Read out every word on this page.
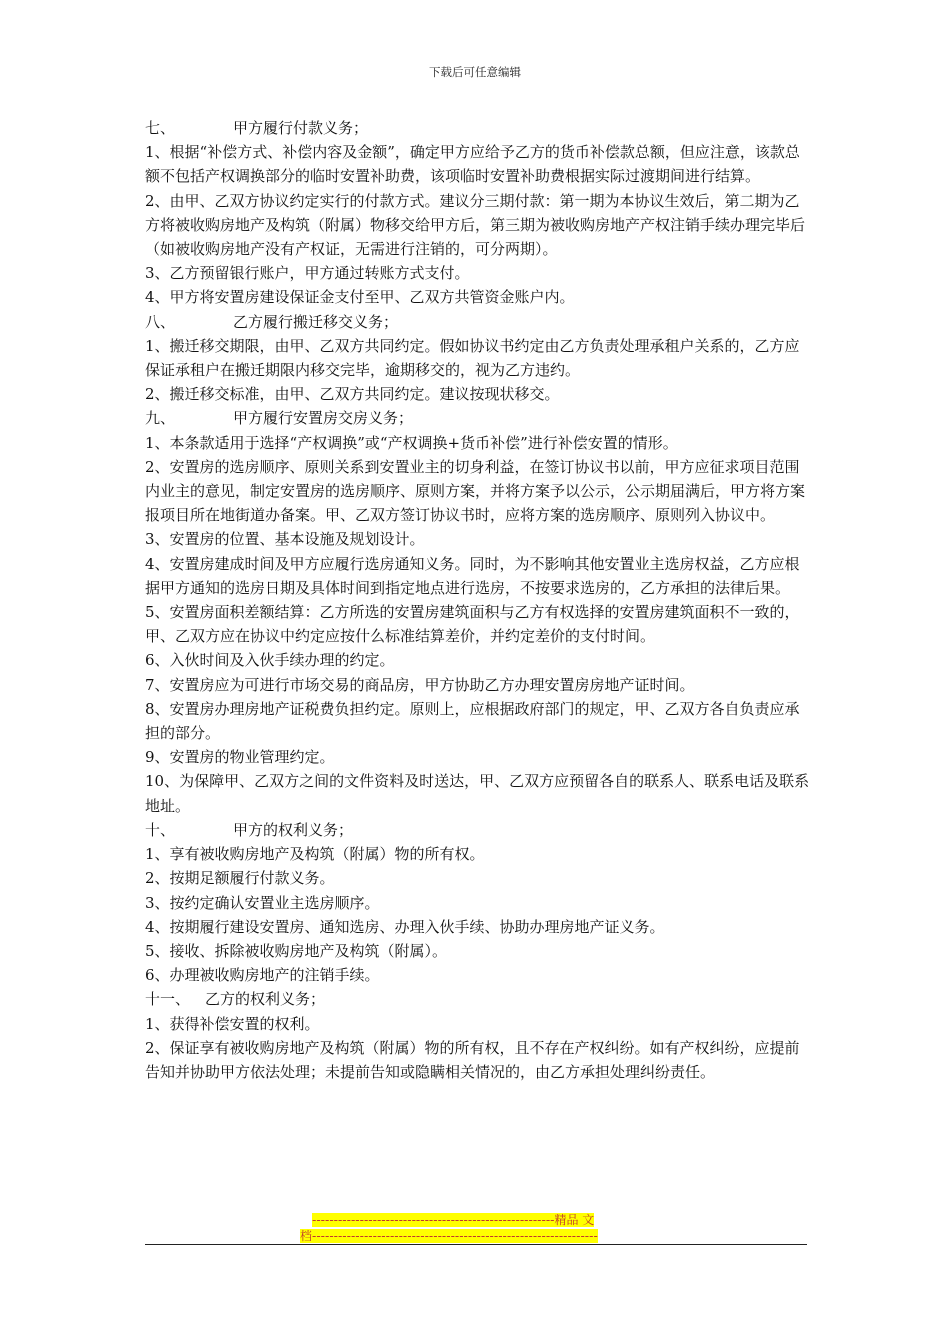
下载后可任意编辑

七、	甲方履行付款义务；

1、根据“补偿方式、补偿内容及金额”，确定甲方应给予乙方的货币补偿款总额，但应注意，该款总额不包括产权调换部分的临时安置补助费，该项临时安置补助费根据实际过渡期间进行结算。

2、由甲、乙双方协议约定实行的付款方式。建议分三期付款：第一期为本协议生效后，第二期为乙方将被收购房地产及构筑（附属）物移交给甲方后，第三期为被收购房地产产权注销手续办理完毕后（如被收购房地产没有产权证，无需进行注销的，可分两期）。

3、乙方预留银行账户，甲方通过转账方式支付。

4、甲方将安置房建设保证金支付至甲、乙双方共管资金账户内。

八、	乙方履行搬迁移交义务；

1、搬迁移交期限，由甲、乙双方共同约定。假如协议书约定由乙方负责处理承租户关系的，乙方应保证承租户在搬迁期限内移交完毕，逾期移交的，视为乙方违约。

2、搬迁移交标准，由甲、乙双方共同约定。建议按现状移交。

九、	甲方履行安置房交房义务；

1、本条款适用于选择“产权调换”或“产权调换+货币补偿”进行补偿安置的情形。

2、安置房的选房顺序、原则关系到安置业主的切身利益，在签订协议书以前，甲方应征求项目范围内业主的意见，制定安置房的选房顺序、原则方案，并将方案予以公示，公示期届满后，甲方将方案报项目所在地街道办备案。甲、乙双方签订协议书时，应将方案的选房顺序、原则列入协议中。

3、安置房的位置、基本设施及规划设计。

4、安置房建成时间及甲方应履行选房通知义务。同时，为不影响其他安置业主选房权益，乙方应根据甲方通知的选房日期及具体时间到指定地点进行选房，不按要求选房的，乙方承担的法律后果。

5、安置房面积差额结算：乙方所选的安置房建筑面积与乙方有权选择的安置房建筑面积不一致的，甲、乙双方应在协议中约定应按什么标准结算差价，并约定差价的支付时间。

6、入伙时间及入伙手续办理的约定。

7、安置房应为可进行市场交易的商品房，甲方协助乙方办理安置房房地产证时间。

8、安置房办理房地产证税费负担约定。原则上，应根据政府部门的规定，甲、乙双方各自负责应承担的部分。

9、安置房的物业管理约定。

10、为保障甲、乙双方之间的文件资料及时送达，甲、乙双方应预留各自的联系人、联系电话及联系地址。

十、	甲方的权利义务；

1、享有被收购房地产及构筑（附属）物的所有权。

2、按期足额履行付款义务。

3、按约定确认安置业主选房顺序。

4、按期履行建设安置房、通知选房、办理入伙手续、协助办理房地产证义务。

5、接收、拆除被收购房地产及构筑（附属）。

6、办理被收购房地产的注销手续。

十一、 乙方的权利义务；

1、获得补偿安置的权利。

2、保证享有被收购房地产及构筑（附属）物的所有权，且不存在产权纠纷。如有产权纠纷，应提前告知并协助甲方依法处理；未提前告知或隐瞒相关情况的，由乙方承担处理纠纷责任。

--------------------------------------------------------精品 文
档------------------------------------------------------------------
